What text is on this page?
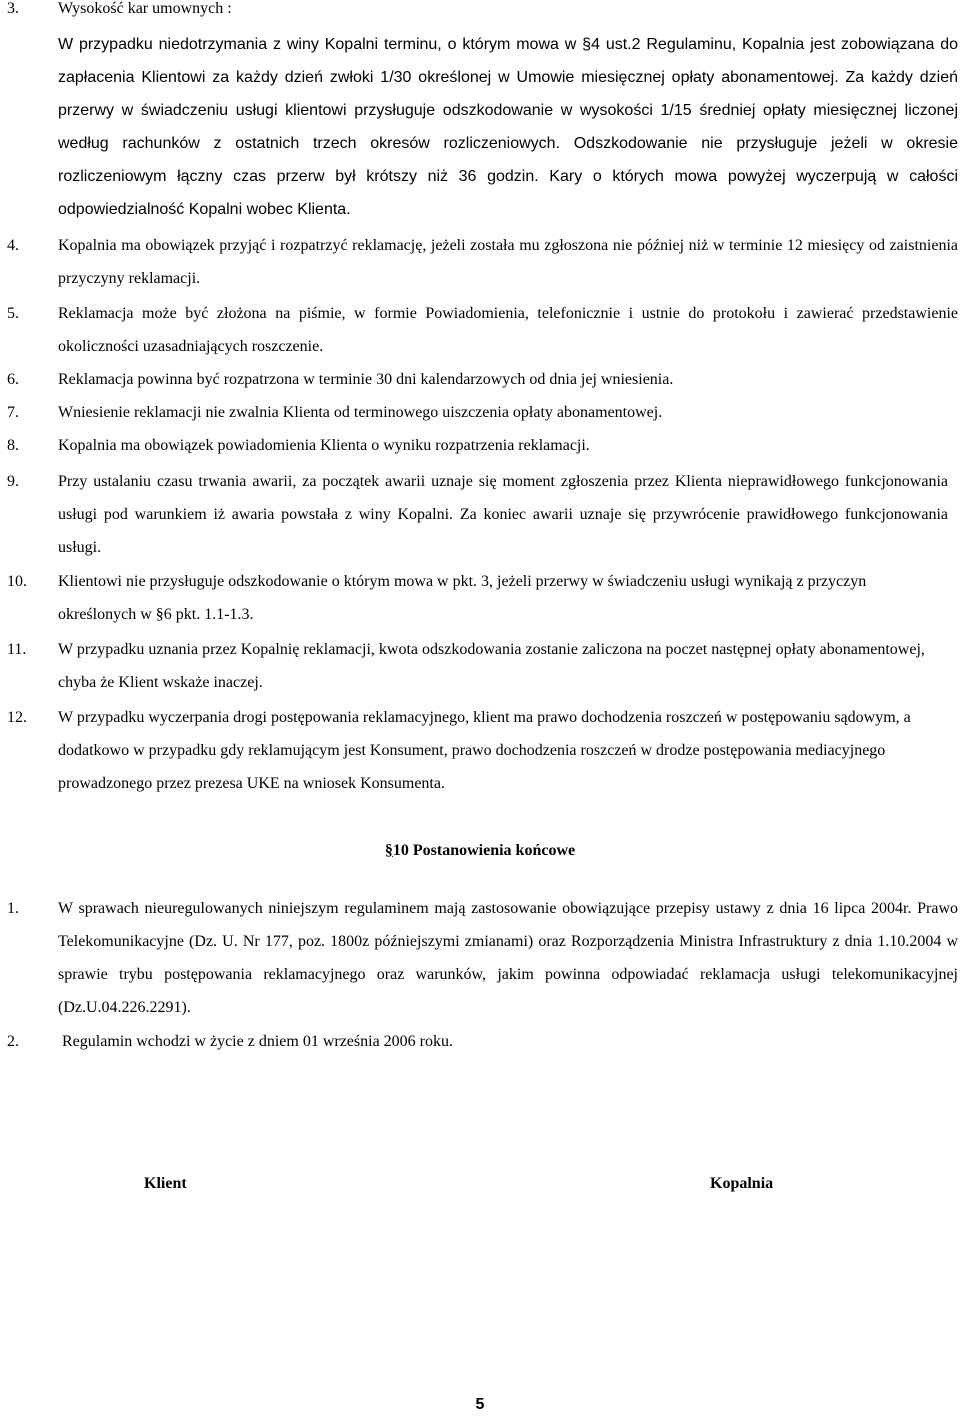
3. Wysokość kar umownych :
W przypadku niedotrzymania z winy Kopalni terminu, o którym mowa w §4 ust.2 Regulaminu, Kopalnia jest zobowiązana do zapłacenia Klientowi za każdy dzień zwłoki 1/30 określonej w Umowie miesięcznej opłaty abonamentowej. Za każdy dzień przerwy w świadczeniu usługi klientowi przysługuje odszkodowanie w wysokości 1/15 średniej opłaty miesięcznej liczonej według rachunków z ostatnich trzech okresów rozliczeniowych. Odszkodowanie nie przysługuje jeżeli w okresie rozliczeniowym łączny czas przerw był krótszy niż 36 godzin. Kary o których mowa powyżej wyczerpują w całości odpowiedzialność Kopalni wobec Klienta.
4. Kopalnia ma obowiązek przyjąć i rozpatrzyć reklamację, jeżeli została mu zgłoszona nie później niż w terminie 12 miesięcy od zaistnienia przyczyny reklamacji.
5. Reklamacja może być złożona na piśmie, w formie Powiadomienia, telefonicznie i ustnie do protokołu i zawierać przedstawienie okoliczności uzasadniających roszczenie.
6. Reklamacja powinna być rozpatrzona w terminie 30 dni kalendarzowych od dnia jej wniesienia.
7. Wniesienie reklamacji nie zwalnia Klienta od terminowego uiszczenia opłaty abonamentowej.
8. Kopalnia ma obowiązek powiadomienia Klienta o wyniku rozpatrzenia reklamacji.
9. Przy ustalaniu czasu trwania awarii, za początek awarii uznaje się moment zgłoszenia przez Klienta nieprawidłowego funkcjonowania usługi pod warunkiem iż awaria powstała z winy Kopalni. Za koniec awarii uznaje się przywrócenie prawidłowego funkcjonowania usługi.
10. Klientowi nie przysługuje odszkodowanie o którym mowa w pkt. 3, jeżeli przerwy w świadczeniu usługi wynikają z przyczyn określonych w §6 pkt. 1.1-1.3.
11. W przypadku uznania przez Kopalnię reklamacji, kwota odszkodowania zostanie zaliczona na poczet następnej opłaty abonamentowej, chyba że Klient wskaże inaczej.
12. W przypadku wyczerpania drogi postępowania reklamacyjnego, klient ma prawo dochodzenia roszczeń w postępowaniu sądowym, a dodatkowo w przypadku gdy reklamującym jest Konsument, prawo dochodzenia roszczeń w drodze postępowania mediacyjnego prowadzonego przez prezesa UKE na wniosek Konsumenta.
§10 Postanowienia końcowe
1. W sprawach nieuregulowanych niniejszym regulaminem mają zastosowanie obowiązujące przepisy ustawy z dnia 16 lipca 2004r. Prawo Telekomunikacyjne (Dz. U. Nr 177, poz. 1800z późniejszymi zmianami) oraz Rozporządzenia Ministra Infrastruktury z dnia 1.10.2004 w sprawie trybu postępowania reklamacyjnego oraz warunków, jakim powinna odpowiadać reklamacja usługi telekomunikacyjnej (Dz.U.04.226.2291).
2.	Regulamin wchodzi w życie z dniem 01 września 2006 roku.
Klient	Kopalnia
5
